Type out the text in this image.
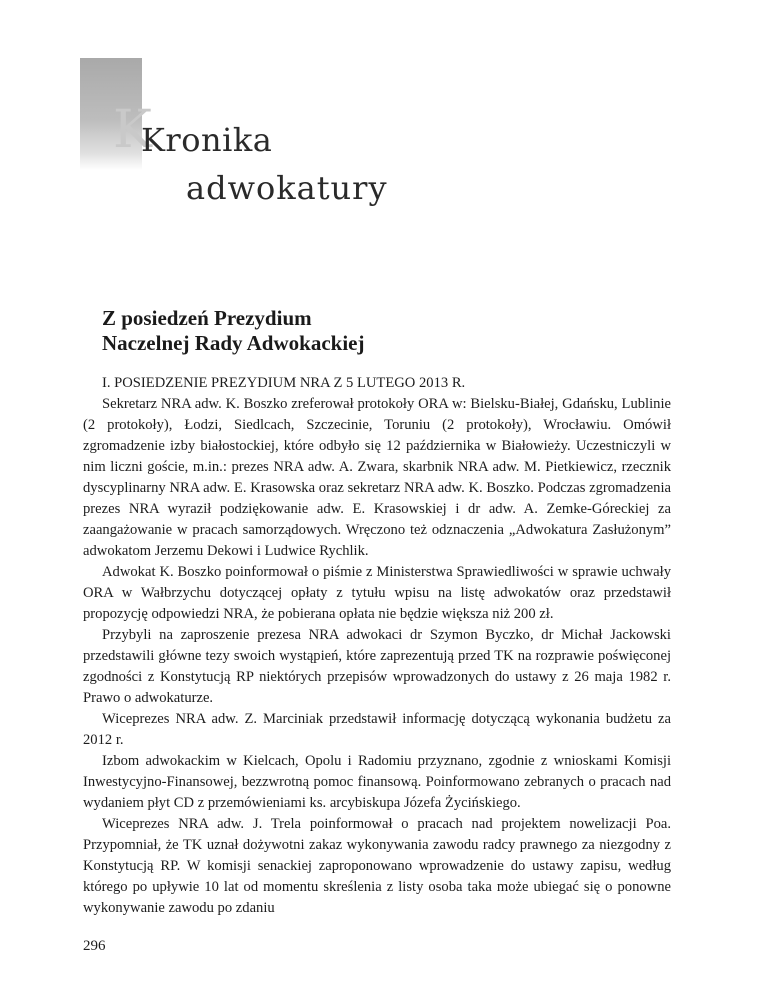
K
Kronika
adwokatury
Z posiedzeń Prezydium
Naczelnej Rady Adwokackiej

I. POSIEDZENIE PREZYDIUM NRA Z 5 LUTEGO 2013 R.

Sekretarz NRA adw. K. Boszko zreferował protokoły ORA w: Bielsku-Białej, Gdańsku, Lublinie (2 protokoły), Łodzi, Siedlcach, Szczecinie, Toruniu (2 protokoły), Wrocławiu. Omówił zgromadzenie izby białostockiej, które odbyło się 12 października w Białowieży. Uczestniczyli w nim liczni goście, m.in.: prezes NRA adw. A. Zwara, skarbnik NRA adw. M. Pietkiewicz, rzecznik dyscyplinarny NRA adw. E. Krasowska oraz sekretarz NRA adw. K. Boszko. Podczas zgromadzenia prezes NRA wyraził podziękowanie adw. E. Krasowskiej i dr adw. A. Zemke-Góreckiej za zaangażowanie w pracach samorządowych. Wręczono też odznaczenia „Adwokatura Zasłużonym” adwokatom Jerzemu Dekowi i Ludwice Rychlik.

Adwokat K. Boszko poinformował o piśmie z Ministerstwa Sprawiedliwości w sprawie uchwały ORA w Wałbrzychu dotyczącej opłaty z tytułu wpisu na listę adwokatów oraz przedstawił propozycję odpowiedzi NRA, że pobierana opłata nie będzie większa niż 200 zł.

Przybyli na zaproszenie prezesa NRA adwokaci dr Szymon Byczko, dr Michał Jackowski przedstawili główne tezy swoich wystąpień, które zaprezentują przed TK na rozprawie poświęconej zgodności z Konstytucją RP niektórych przepisów wprowadzonych do ustawy z 26 maja 1982 r. Prawo o adwokaturze.

Wiceprezes NRA adw. Z. Marciniak przedstawił informację dotyczącą wykonania budżetu za 2012 r.

Izbom adwokackim w Kielcach, Opolu i Radomiu przyznano, zgodnie z wnioskami Komisji Inwestycyjno-Finansowej, bezzwrotną pomoc finansową. Poinformowano zebranych o pracach nad wydaniem płyt CD z przemówieniami ks. arcybiskupa Józefa Życińskiego.

Wiceprezes NRA adw. J. Trela poinformował o pracach nad projektem nowelizacji Poa. Przypomniał, że TK uznał dożywotni zakaz wykonywania zawodu radcy prawnego za niezgodny z Konstytucją RP. W komisji senackiej zaproponowano wprowadzenie do ustawy zapisu, według którego po upływie 10 lat od momentu skreślenia z listy osoba taka może ubiegać się o ponowne wykonywanie zawodu po zdaniu

296
